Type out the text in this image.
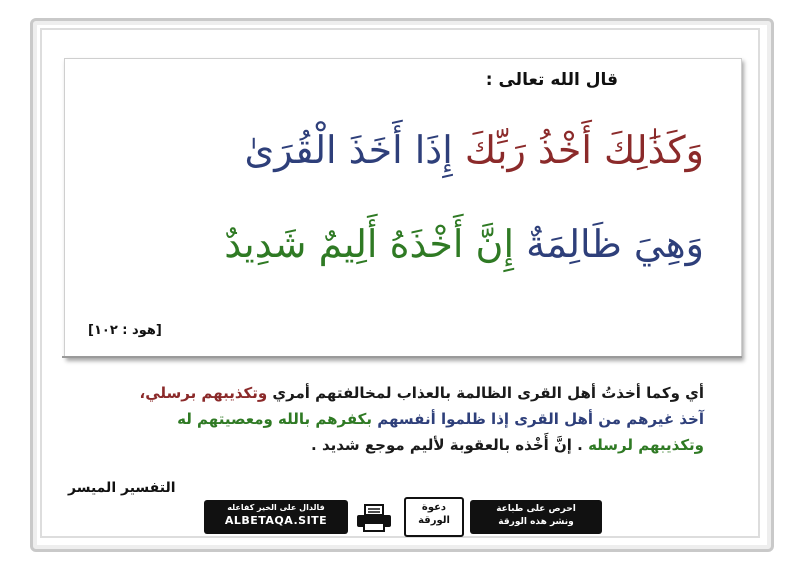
قال الله تعالى :
وَكَذَٰلِكَ أَخْذُ رَبِّكَ إِذَا أَخَذَ الْقُرَىٰ
وَهِيَ ظَالِمَةٌ إِنَّ أَخْذَهُ أَلِيمٌ شَدِيدٌ
[هود : ١٠٢]
أي وكما أخذتُ أهل القرى الظالمة بالعذاب لمخالفتهم أمري وتكذيبهم برسلي،
آخذ غيرهم من أهل القرى إذا ظلموا أنفسهم بكفرهم بالله ومعصيتهم له
وتكذيبهم لرسله . إنَّ أَخْذه بالعقوبة لأليم موجع شديد .
التفسير الميسر
فالدال على الخير كفاعله
ALBETAQA.SITE
دعوة الورقة
احرص على طباعة
ونشر هذه الورقة
